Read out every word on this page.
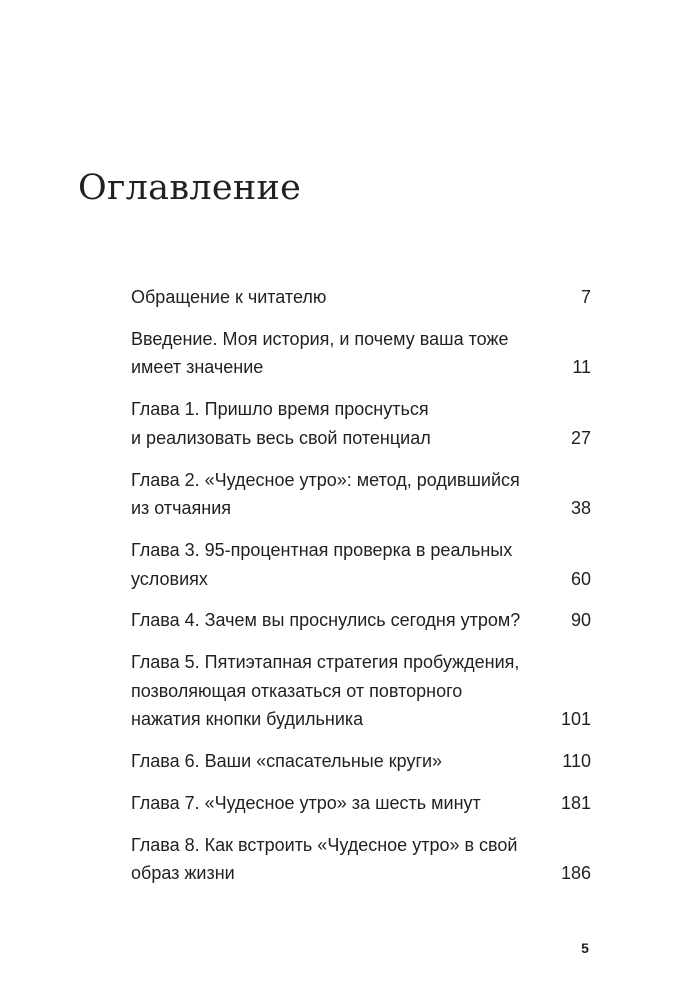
Оглавление
Обращение к читателю	7
Введение. Моя история, и почему ваша тоже
имеет значение	11
Глава 1. Пришло время проснуться
и реализовать весь свой потенциал	27
Глава 2. «Чудесное утро»: метод, родившийся
из отчаяния	38
Глава 3. 95-процентная проверка в реальных
условиях	60
Глава 4. Зачем вы проснулись сегодня утром?	90
Глава 5. Пятиэтапная стратегия пробуждения,
позволяющая отказаться от повторного
нажатия кнопки будильника	101
Глава 6. Ваши «спасательные круги»	110
Глава 7. «Чудесное утро» за шесть минут	181
Глава 8. Как встроить «Чудесное утро» в свой
образ жизни	186
5
